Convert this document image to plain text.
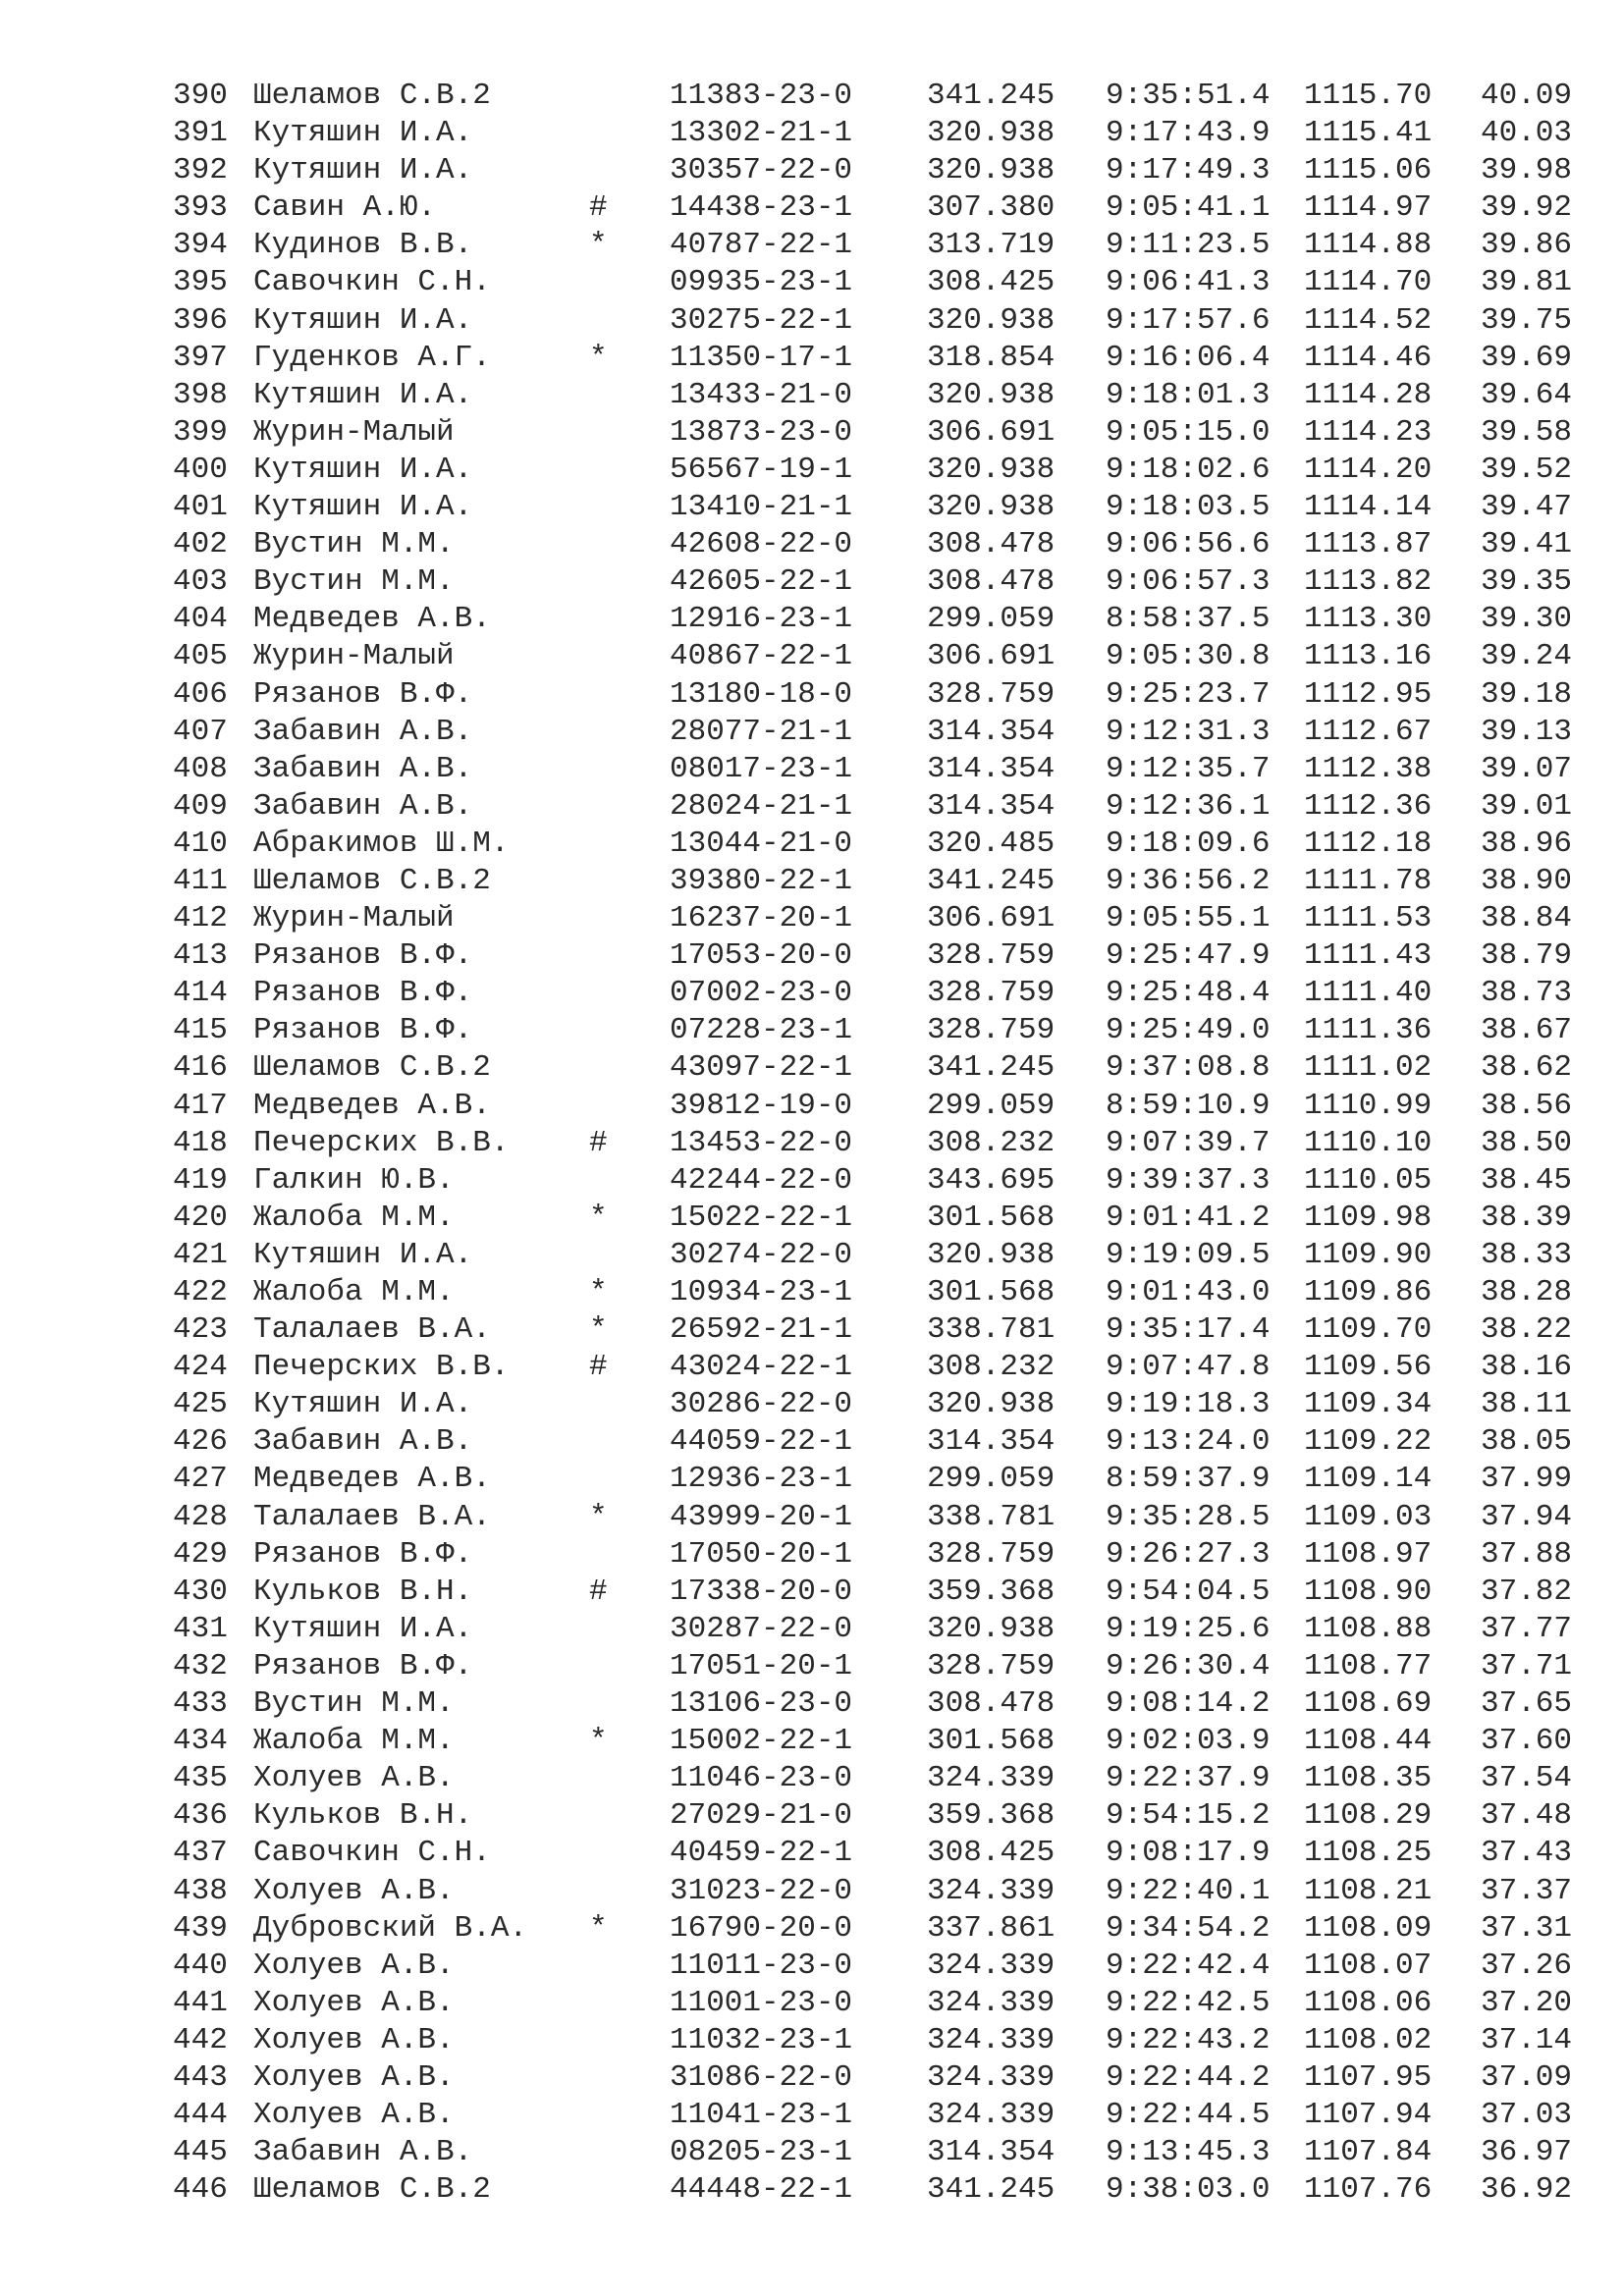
390 Шеламов С.В.2	11383-23-0 341.245 9:35:51.4 1115.70 40.09
391 Кутяшин И.А.	13302-21-1 320.938 9:17:43.9 1115.41 40.03
392 Кутяшин И.А.	30357-22-0 320.938 9:17:49.3 1115.06 39.98
393 Савин А.Ю.	# 14438-23-1 307.380 9:05:41.1 1114.97 39.92
394 Кудинов В.В.	* 40787-22-1 313.719 9:11:23.5 1114.88 39.86
395 Савочкин С.Н.	09935-23-1 308.425 9:06:41.3 1114.70 39.81
396 Кутяшин И.А.	30275-22-1 320.938 9:17:57.6 1114.52 39.75
397 Гуденков А.Г.	* 11350-17-1 318.854 9:16:06.4 1114.46 39.69
398 Кутяшин И.А.	13433-21-0 320.938 9:18:01.3 1114.28 39.64
399 Журин-Малый	13873-23-0 306.691 9:05:15.0 1114.23 39.58
400 Кутяшин И.А.	56567-19-1 320.938 9:18:02.6 1114.20 39.52
401 Кутяшин И.А.	13410-21-1 320.938 9:18:03.5 1114.14 39.47
402 Вустин М.М.	42608-22-0 308.478 9:06:56.6 1113.87 39.41
403 Вустин М.М.	42605-22-1 308.478 9:06:57.3 1113.82 39.35
404 Медведев А.В.	12916-23-1 299.059 8:58:37.5 1113.30 39.30
405 Журин-Малый	40867-22-1 306.691 9:05:30.8 1113.16 39.24
406 Рязанов В.Ф.	13180-18-0 328.759 9:25:23.7 1112.95 39.18
407 Забавин А.В.	28077-21-1 314.354 9:12:31.3 1112.67 39.13
408 Забавин А.В.	08017-23-1 314.354 9:12:35.7 1112.38 39.07
409 Забавин А.В.	28024-21-1 314.354 9:12:36.1 1112.36 39.01
410 Абракимов Ш.М.	13044-21-0 320.485 9:18:09.6 1112.18 38.96
411 Шеламов С.В.2	39380-22-1 341.245 9:36:56.2 1111.78 38.90
412 Журин-Малый	16237-20-1 306.691 9:05:55.1 1111.53 38.84
413 Рязанов В.Ф.	17053-20-0 328.759 9:25:47.9 1111.43 38.79
414 Рязанов В.Ф.	07002-23-0 328.759 9:25:48.4 1111.40 38.73
415 Рязанов В.Ф.	07228-23-1 328.759 9:25:49.0 1111.36 38.67
416 Шеламов С.В.2	43097-22-1 341.245 9:37:08.8 1111.02 38.62
417 Медведев А.В.	39812-19-0 299.059 8:59:10.9 1110.99 38.56
418 Печерских В.В.	# 13453-22-0 308.232 9:07:39.7 1110.10 38.50
419 Галкин Ю.В.	42244-22-0 343.695 9:39:37.3 1110.05 38.45
420 Жалоба М.М.	* 15022-22-1 301.568 9:01:41.2 1109.98 38.39
421 Кутяшин И.А.	30274-22-0 320.938 9:19:09.5 1109.90 38.33
422 Жалоба М.М.	* 10934-23-1 301.568 9:01:43.0 1109.86 38.28
423 Талалаев В.А.	* 26592-21-1 338.781 9:35:17.4 1109.70 38.22
424 Печерских В.В.	# 43024-22-1 308.232 9:07:47.8 1109.56 38.16
425 Кутяшин И.А.	30286-22-0 320.938 9:19:18.3 1109.34 38.11
426 Забавин А.В.	44059-22-1 314.354 9:13:24.0 1109.22 38.05
427 Медведев А.В.	12936-23-1 299.059 8:59:37.9 1109.14 37.99
428 Талалаев В.А.	* 43999-20-1 338.781 9:35:28.5 1109.03 37.94
429 Рязанов В.Ф.	17050-20-1 328.759 9:26:27.3 1108.97 37.88
430 Кульков В.Н.	# 17338-20-0 359.368 9:54:04.5 1108.90 37.82
431 Кутяшин И.А.	30287-22-0 320.938 9:19:25.6 1108.88 37.77
432 Рязанов В.Ф.	17051-20-1 328.759 9:26:30.4 1108.77 37.71
433 Вустин М.М.	13106-23-0 308.478 9:08:14.2 1108.69 37.65
434 Жалоба М.М.	* 15002-22-1 301.568 9:02:03.9 1108.44 37.60
435 Холуев А.В.	11046-23-0 324.339 9:22:37.9 1108.35 37.54
436 Кульков В.Н.	27029-21-0 359.368 9:54:15.2 1108.29 37.48
437 Савочкин С.Н.	40459-22-1 308.425 9:08:17.9 1108.25 37.43
438 Холуев А.В.	31023-22-0 324.339 9:22:40.1 1108.21 37.37
439 Дубровский В.А. * 16790-20-0 337.861 9:34:54.2 1108.09 37.31
440 Холуев А.В.	11011-23-0 324.339 9:22:42.4 1108.07 37.26
441 Холуев А.В.	11001-23-0 324.339 9:22:42.5 1108.06 37.20
442 Холуев А.В.	11032-23-1 324.339 9:22:43.2 1108.02 37.14
443 Холуев А.В.	31086-22-0 324.339 9:22:44.2 1107.95 37.09
444 Холуев А.В.	11041-23-1 324.339 9:22:44.5 1107.94 37.03
445 Забавин А.В.	08205-23-1 314.354 9:13:45.3 1107.84 36.97
446 Шеламов С.В.2	44448-22-1 341.245 9:38:03.0 1107.76 36.92
